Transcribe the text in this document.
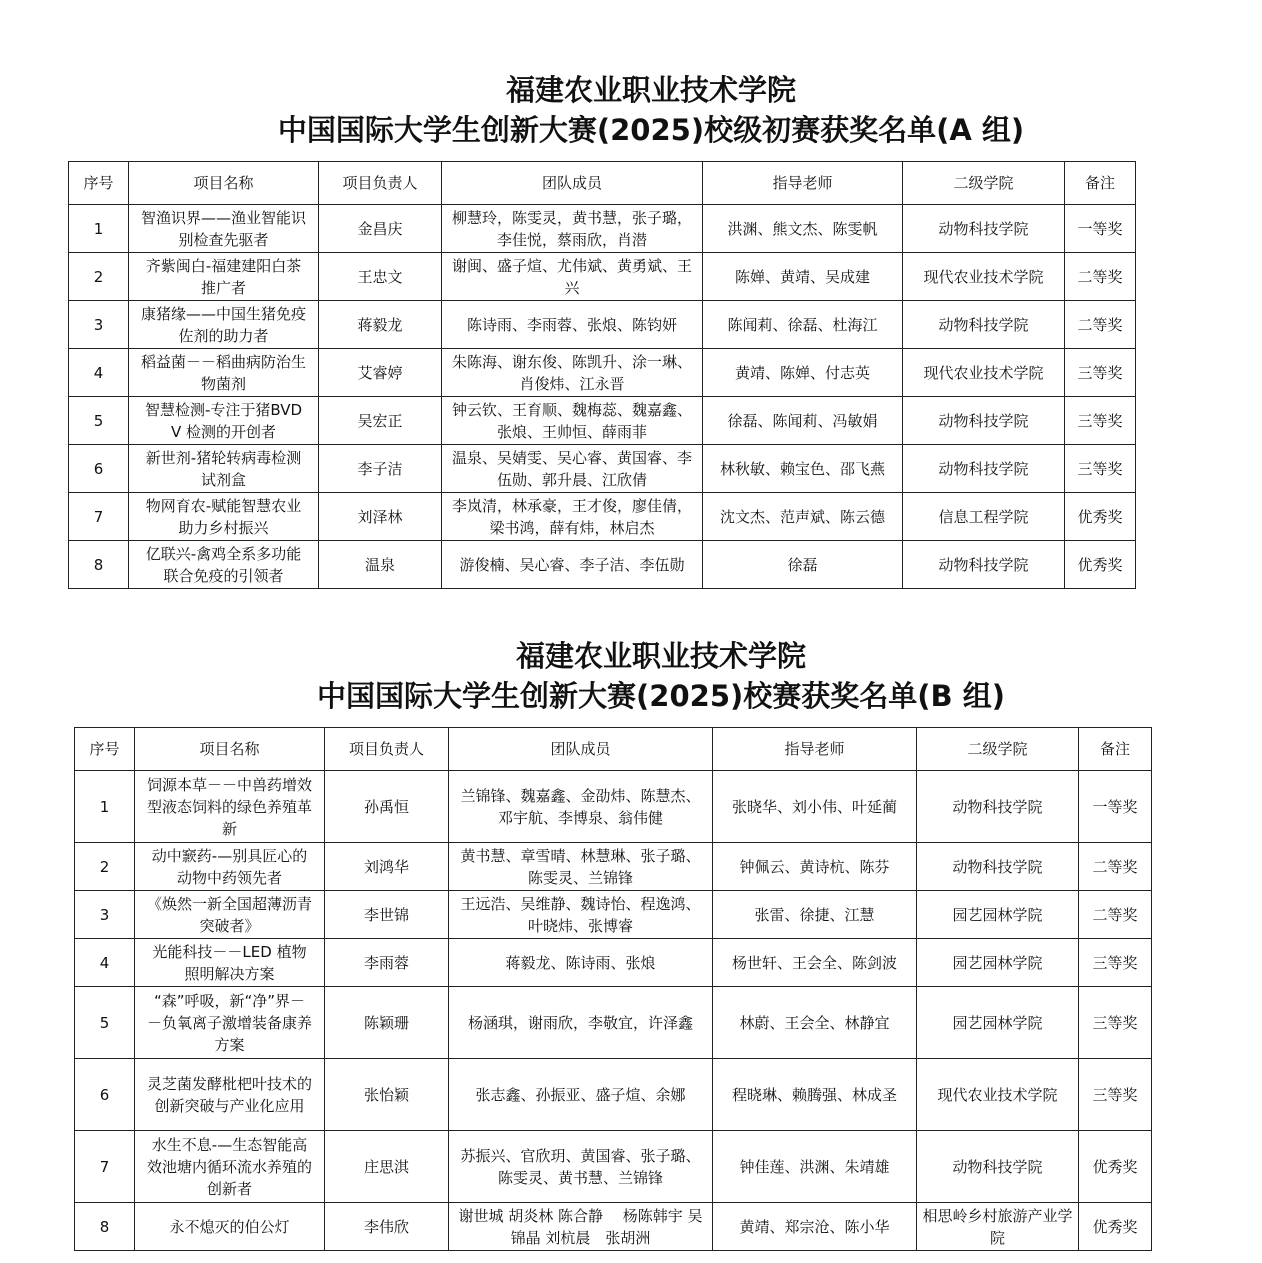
福建农业职业技术学院

中国国际大学生创新大赛(2025)校级初赛获奖名单(A 组)

序号	项目名称	项目负责人	团队成员	指导老师	二级学院	备注
1	智渔识界——渔业智能识别检查先驱者	金昌庆	柳慧玲，陈雯灵，黄书慧，张子璐，李佳悦，蔡雨欣，肖潜	洪渊、熊文杰、陈雯帆	动物科技学院	一等奖
2	齐紫闽白-福建建阳白茶推广者	王忠文	谢闽、盛子煊、尤伟斌、黄勇斌、王兴	陈婵、黄靖、吴成建	现代农业技术学院	二等奖
3	康猪缘——中国生猪免疫佐剂的助力者	蒋毅龙	陈诗雨、李雨蓉、张烺、陈钧妍	陈闻莉、徐磊、杜海江	动物科技学院	二等奖
4	稻益菌－－稻曲病防治生物菌剂	艾睿婷	朱陈海、谢东俊、陈凯升、涂一琳、肖俊炜、江永晋	黄靖、陈婵、付志英	现代农业技术学院	三等奖
5	智慧检测-专注于猪BVDV 检测的开创者	吴宏正	钟云钦、王育顺、魏梅蕊、魏嘉鑫、张烺、王帅恒、薛雨菲	徐磊、陈闻莉、冯敏娟	动物科技学院	三等奖
6	新世剂-猪轮转病毒检测试剂盒	李子洁	温泉、吴婧雯、吴心睿、黄国睿、李伍勋、郭升晨、江欣倩	林秋敏、赖宝色、邵飞燕	动物科技学院	三等奖
7	物网育农-赋能智慧农业助力乡村振兴	刘泽林	李岚清，林承豪，王才俊，廖佳倩，梁书鸿，薛有炜，林启杰	沈文杰、范声斌、陈云德	信息工程学院	优秀奖
8	亿联兴-禽鸡全系多功能联合免疫的引领者	温泉	游俊楠、吴心睿、李子洁、李伍勋	徐磊	动物科技学院	优秀奖

福建农业职业技术学院

中国国际大学生创新大赛(2025)校赛获奖名单(B 组)

序号	项目名称	项目负责人	团队成员	指导老师	二级学院	备注
1	饲源本草－－中兽药增效型液态饲料的绿色养殖革新	孙禹恒	兰锦锋、魏嘉鑫、金劭炜、陈慧杰、邓宇航、李博泉、翁伟健	张晓华、刘小伟、叶延蔺	动物科技学院	一等奖
2	动中窾药-—别具匠心的动物中药领先者	刘鸿华	黄书慧、章雪晴、林慧琳、张子璐、陈雯灵、兰锦锋	钟佩云、黄诗杭、陈芬	动物科技学院	二等奖
3	《焕然一新全国超薄沥青突破者》	李世锦	王远浩、吴维静、魏诗怡、程逸鸿、叶晓炜、张博睿	张雷、徐捷、江慧	园艺园林学院	二等奖
4	光能科技－－LED 植物照明解决方案	李雨蓉	蒋毅龙、陈诗雨、张烺	杨世轩、王会全、陈剑波	园艺园林学院	三等奖
5	“森”呼吸，新“净”界－－负氧离子激增装备康养方案	陈颖珊	杨涵琪，谢雨欣，李敬宜，许泽鑫	林蔚、王会全、林静宜	园艺园林学院	三等奖
6	灵芝菌发酵枇杷叶技术的创新突破与产业化应用	张怡颖	张志鑫、孙振亚、盛子煊、余娜	程晓琳、赖腾强、林成圣	现代农业技术学院	三等奖
7	水生不息-—生态智能高效池塘内循环流水养殖的创新者	庄思淇	苏振兴、官欣玥、黄国睿、张子璐、陈雯灵、黄书慧、兰锦锋	钟佳莲、洪渊、朱靖雄	动物科技学院	优秀奖
8	永不熄灭的伯公灯	李伟欣	谢世城 胡炎林 陈合静　 杨陈韩宇 吴锦晶 刘杭晨　张胡洲	黄靖、郑宗沧、陈小华	相思岭乡村旅游产业学院	优秀奖
